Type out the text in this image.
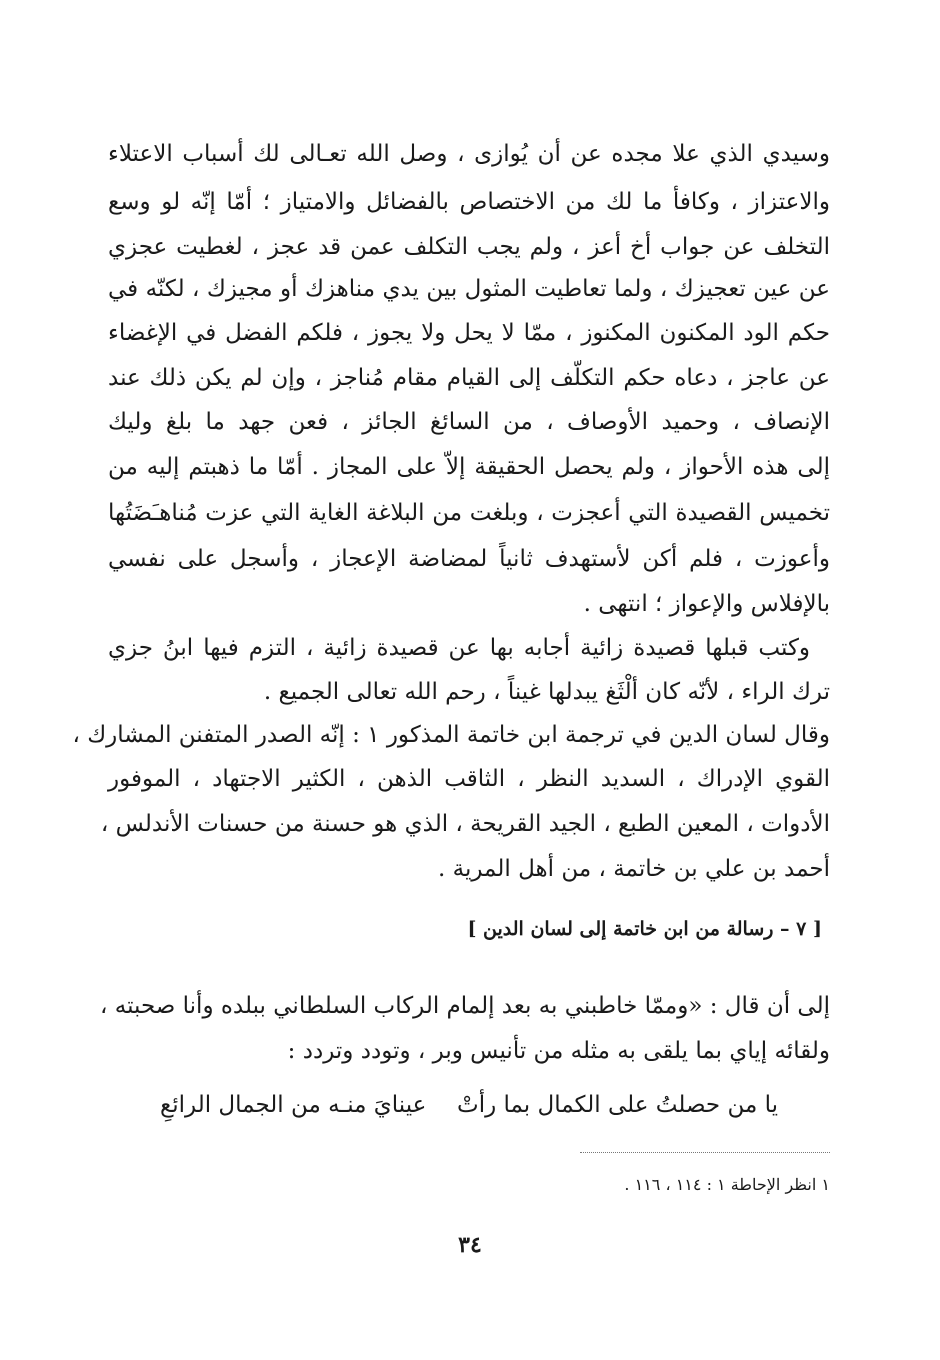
وسيدي الذي علا مجده عن أن يُوازى ، وصل الله تعـالى لك أسباب الاعتلاء
والاعتزاز ، وكافأ ما لك من الاختصاص بالفضائل والامتياز ؛ أمّا إنّه لو وسع
التخلف عن جواب أخ أعز ، ولم يجب التكلف عمن قد عجز ، لغطيت عجزي
عن عين تعجيزك ، ولما تعاطيت المثول بين يدي مناهزك أو مجيزك ، لكنّه في
حكم الود المكنون المكنوز ، ممّا لا يحل ولا يجوز ، فلكم الفضل في الإغضاء
عن عاجز ، دعاه حكم التكلّف إلى القيام مقام مُناجز ، وإن لم يكن ذلك عند
الإنصاف ، وحميد الأوصاف ، من السائغ الجائز ، فعن جهد ما بلغ وليك
إلى هذه الأحواز ، ولم يحصل الحقيقة إلاّ على المجاز . أمّا ما ذهبتم إليه من
تخميس القصيدة التي أعجزت ، وبلغت من البلاغة الغاية التي عزت مُناهـَضَتُها
وأعوزت ، فلم أكن لأستهدف ثانياً لمضاضة الإعجاز ، وأسجل على نفسي
بالإفلاس والإعواز ؛ انتهى .
وكتب قبلها قصيدة زائية أجابه بها عن قصيدة زائية ، التزم فيها ابنُ جزي
ترك الراء ، لأنّه كان ألْثَغ يبدلها غيناً ، رحم الله تعالى الجميع .
وقال لسان الدين في ترجمة ابن خاتمة المذكور ١ : إنّه الصدر المتفنن المشارك ،
القوي الإدراك ، السديد النظر ، الثاقب الذهن ، الكثير الاجتهاد ، الموفور
الأدوات ، المعين الطبع ، الجيد القريحة ، الذي هو حسنة من حسنات الأندلس ،
أحمد بن علي بن خاتمة ، من أهل المرية .
[ ٧ – رسالة من ابن خاتمة إلى لسان الدين ]
إلى أن قال : «وممّا خاطبني به بعد إلمام الركاب السلطاني ببلده وأنا صحبته ،
ولقائه إياي بما يلقى به مثله من تأنيس وبر ، وتودد وتردد :
يا من حصلتُ على الكمال بما رأتْ
عينايَ منـه من الجمال الرائعِ
١ انظر الإحاطة ١ : ١١٤ ، ١١٦ .
٣٤
